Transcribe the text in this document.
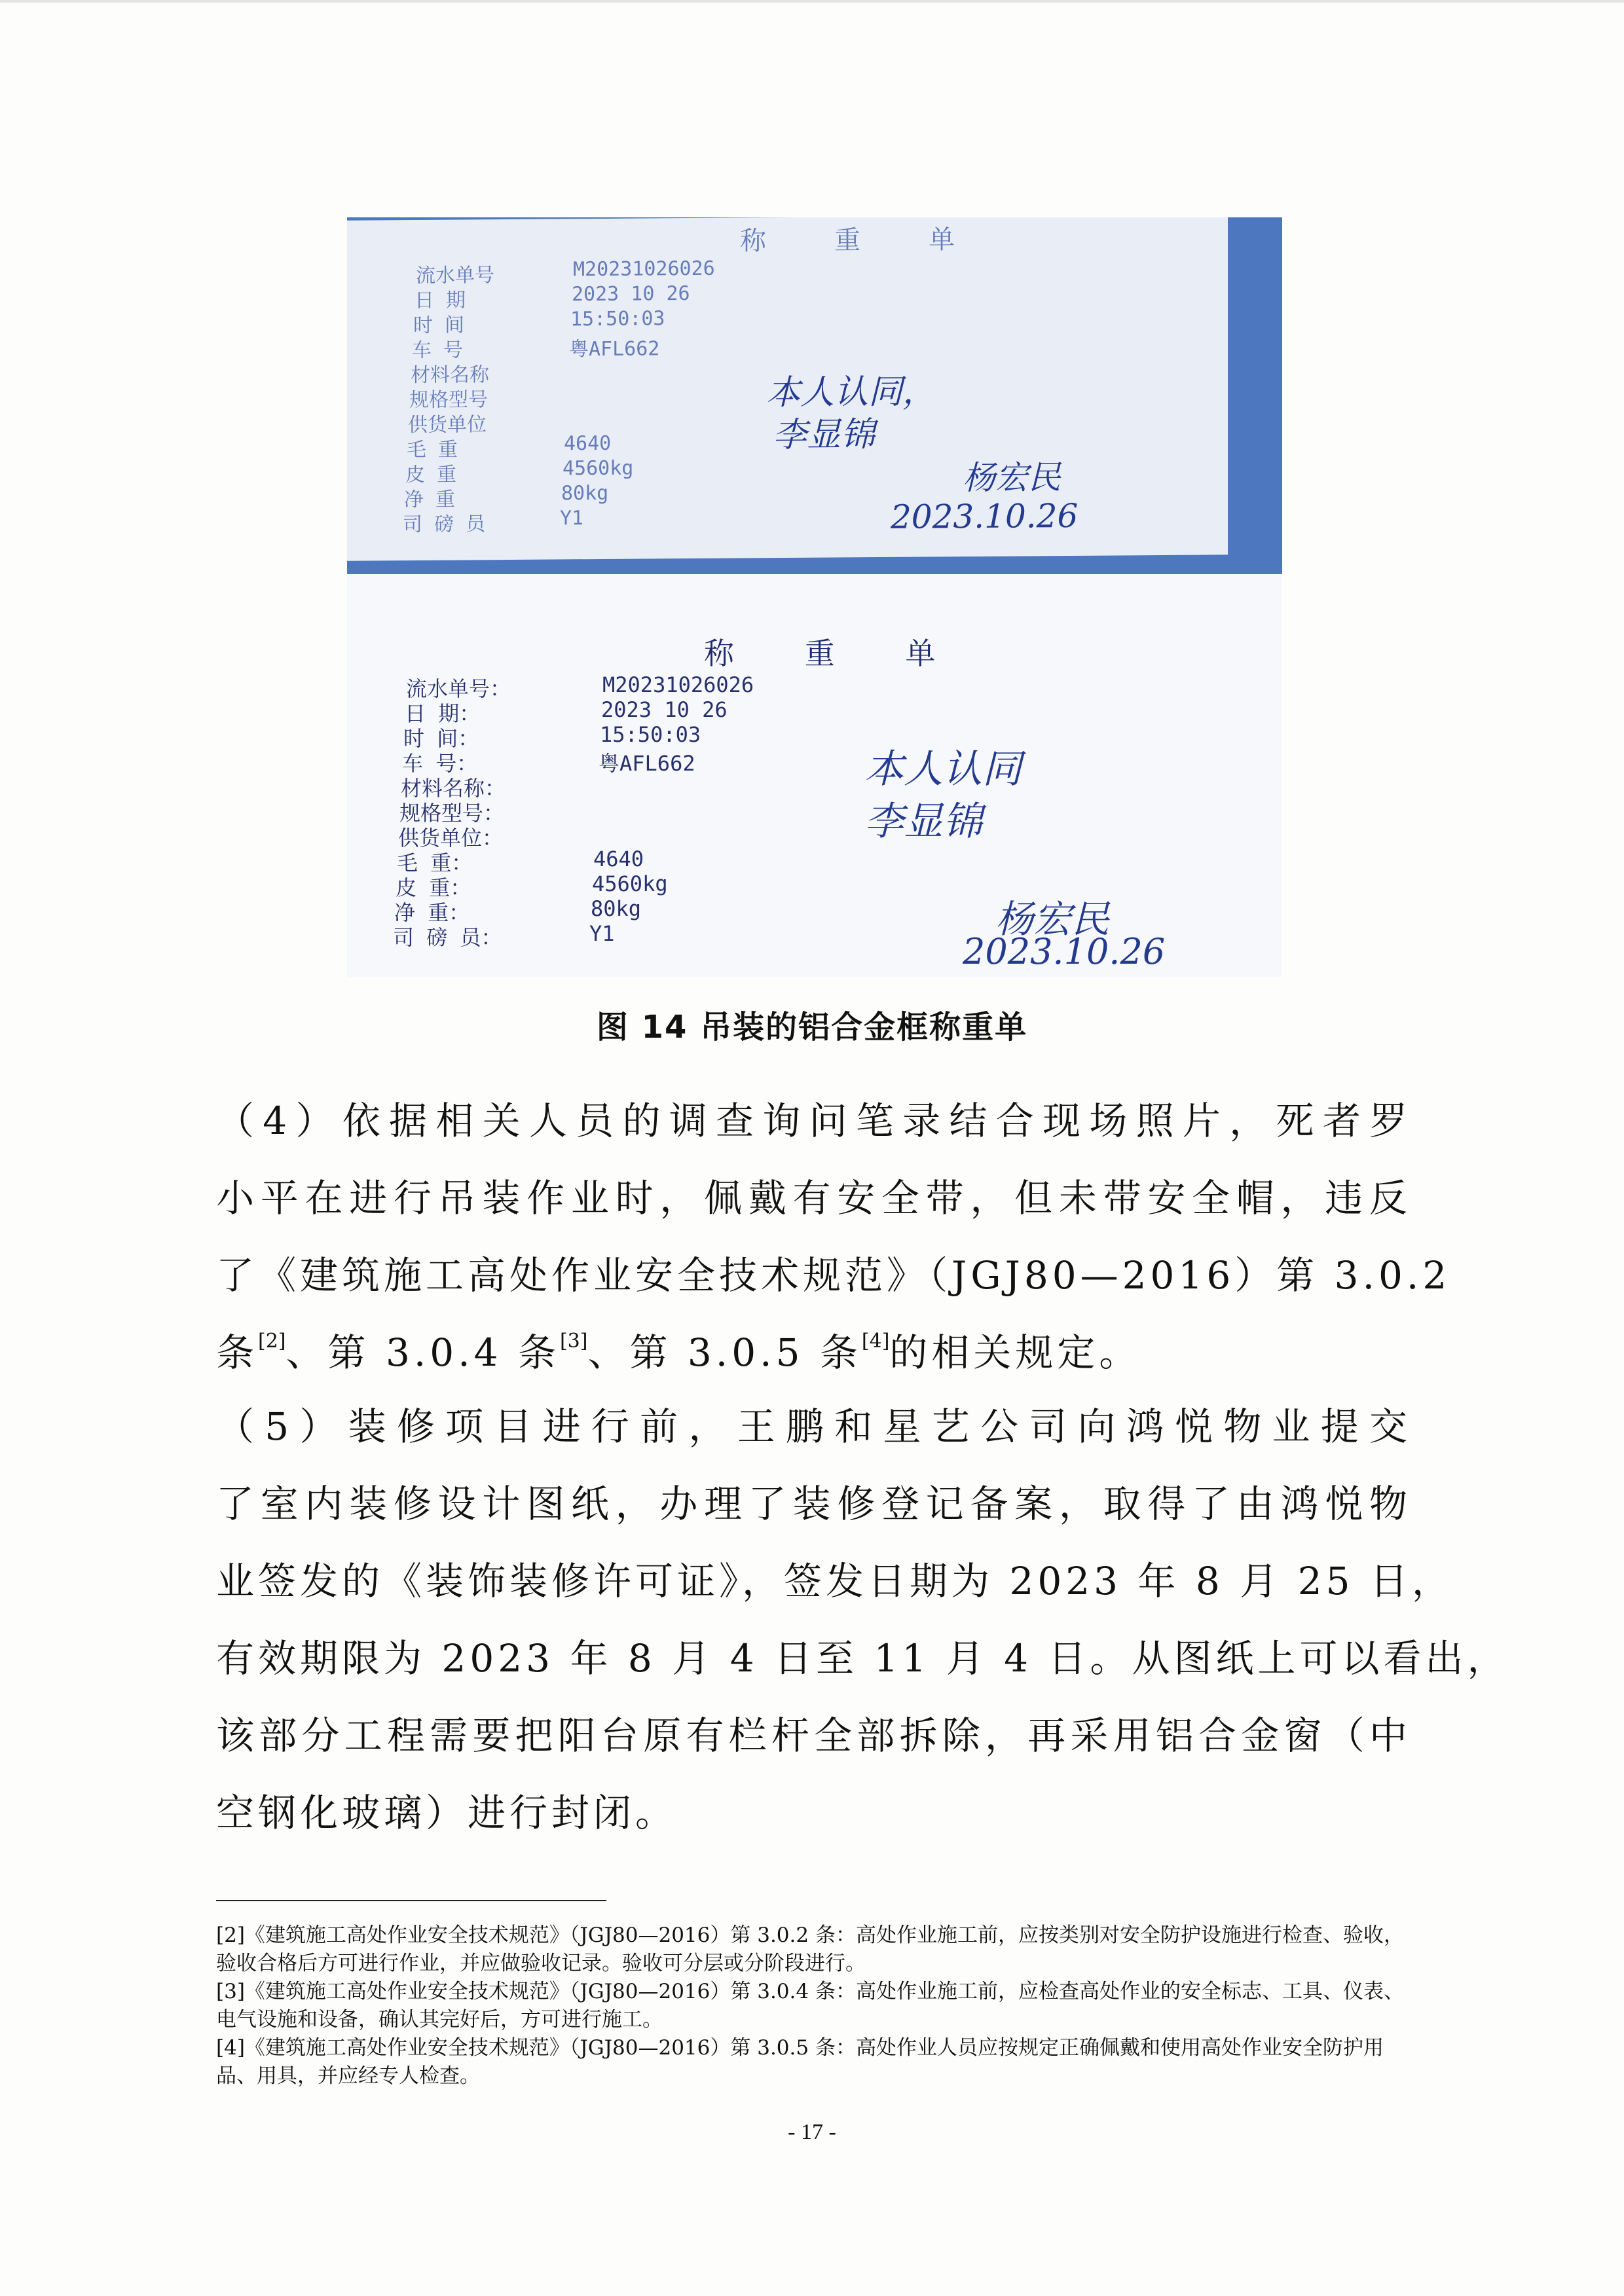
称 重 单
流水单号	M20231026026
日 期	2023 10 26
时 间	15:50:03
车 号	粤AFL662
材料名称
规格型号
供货单位
毛 重	4640
皮 重	4560kg
净 重	80kg
司 磅 员	Y1
本人认同，
李显锦
杨宏民
2023.10.26
称 重 单
流水单号：	M20231026026
日 期：	2023 10 26
时 间：	15:50:03
车 号：	粤AFL662
材料名称：
规格型号：
供货单位：
毛 重：	4640
皮 重：	4560kg
净 重：	80kg
司 磅 员：	Y1
本人认同
李显锦
杨宏民
2023.10.26
图 14 吊装的铝合金框称重单
（4）依据相关人员的调查询问笔录结合现场照片，死者罗
小平在进行吊装作业时，佩戴有安全带，但未带安全帽，违反
了《建筑施工高处作业安全技术规范》（JGJ80—2016）第 3.0.2
条[2]、第 3.0.4 条[3]、第 3.0.5 条[4]的相关规定。
（5）装修项目进行前，王鹏和星艺公司向鸿悦物业提交
了室内装修设计图纸，办理了装修登记备案，取得了由鸿悦物
业签发的《装饰装修许可证》，签发日期为 2023 年 8 月 25 日，
有效期限为 2023 年 8 月 4 日至 11 月 4 日。从图纸上可以看出，
该部分工程需要把阳台原有栏杆全部拆除，再采用铝合金窗（中
空钢化玻璃）进行封闭。
[2]《建筑施工高处作业安全技术规范》（JGJ80—2016）第 3.0.2 条：高处作业施工前，应按类别对安全防护设施进行检查、验收，验收合格后方可进行作业，并应做验收记录。验收可分层或分阶段进行。
[3]《建筑施工高处作业安全技术规范》（JGJ80—2016）第 3.0.4 条：高处作业施工前，应检查高处作业的安全标志、工具、仪表、电气设施和设备，确认其完好后，方可进行施工。
[4]《建筑施工高处作业安全技术规范》（JGJ80—2016）第 3.0.5 条：高处作业人员应按规定正确佩戴和使用高处作业安全防护用品、用具，并应经专人检查。
- 17 -
